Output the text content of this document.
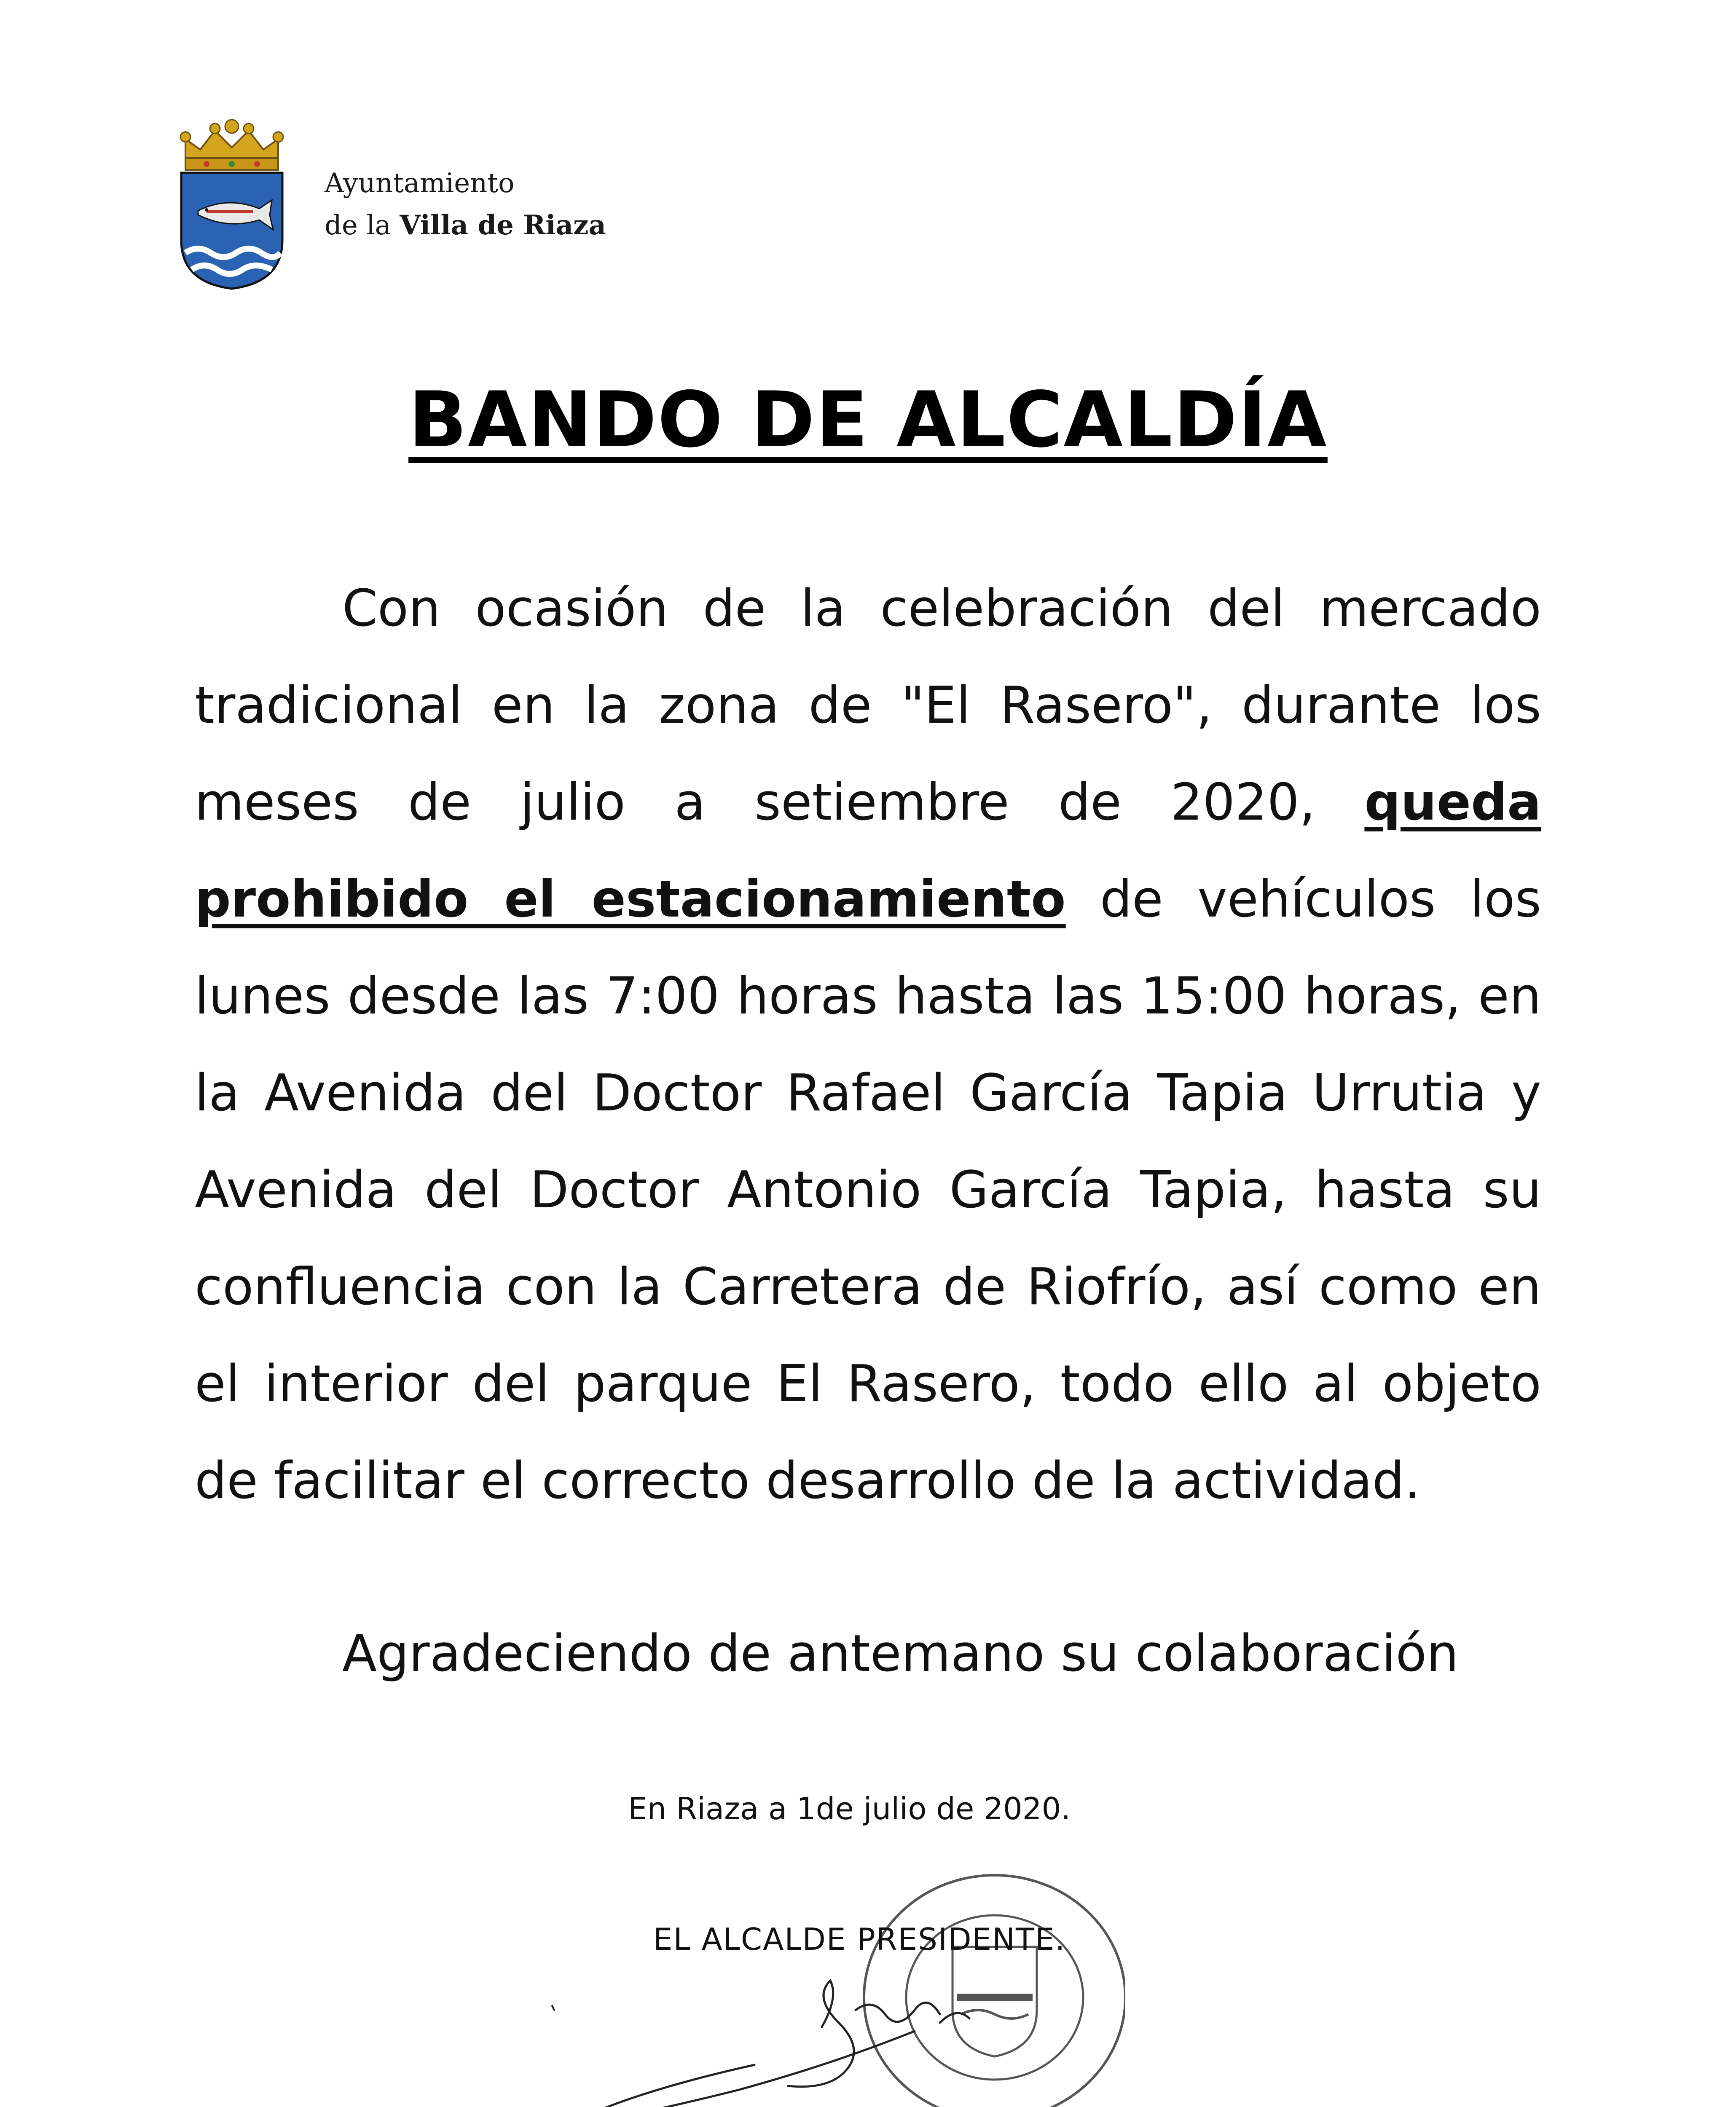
Ayuntamiento
de la Villa de Riaza
BANDO DE ALCALDÍA
Con ocasión de la celebración del mercado tradicional en la zona de "El Rasero", durante los meses de julio a setiembre de 2020, queda prohibido el estacionamiento de vehículos los lunes desde las 7:00 horas hasta las 15:00 horas, en la Avenida del Doctor Rafael García Tapia Urrutia y Avenida del Doctor Antonio García Tapia, hasta su confluencia con la Carretera de Riofrío, así como en el interior del parque El Rasero, todo ello al objeto de facilitar el correcto desarrollo de la actividad.
Agradeciendo de antemano su colaboración
En Riaza a 1de julio de 2020.
EL ALCALDE PRESIDENTE.
